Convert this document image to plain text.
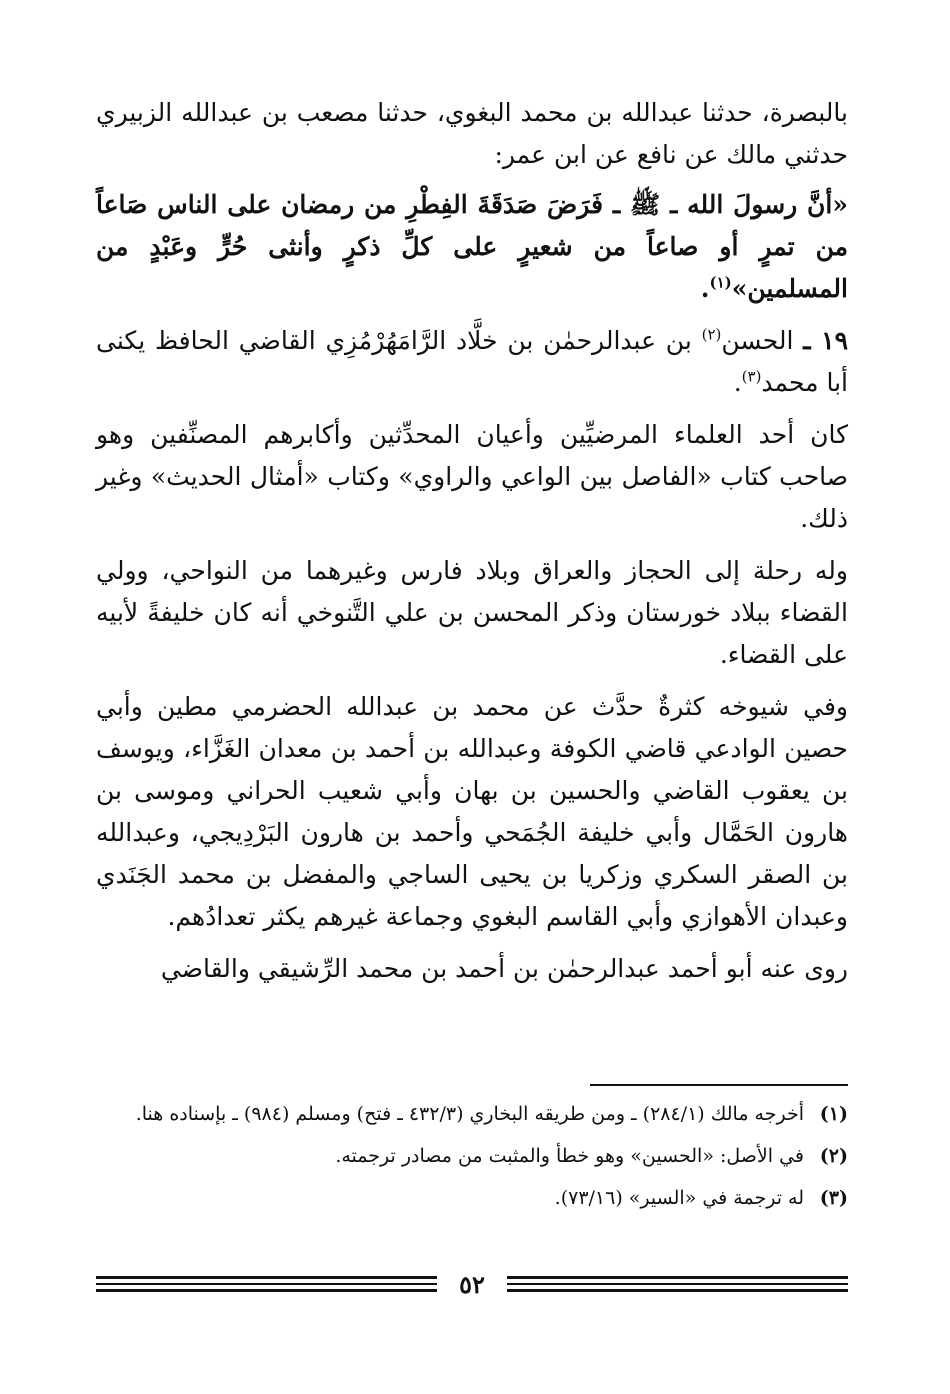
بالبصرة، حدثنا عبدالله بن محمد البغوي، حدثنا مصعب بن عبدالله الزبيري حدثني مالك عن نافع عن ابن عمر:

«أنَّ رسولَ الله ـ ﷺ ـ فَرَضَ صَدَقَةَ الفِطْرِ من رمضان على الناس صَاعاً من تمرٍ أو صاعاً من شعيرٍ على كلِّ ذكرٍ وأنثى حُرٍّ وعَبْدٍ من المسلمين»$^{(١)}$.

١٩ ـ الحسن$^{(٢)}$ بن عبدالرحمٰن بن خلَّاد الرَّامَهُرْمُزِي القاضي الحافظ يكنى أبا محمد$^{(٣)}$.

كان أحد العلماء المرضيِّين وأعيان المحدِّثين وأكابرهم المصنِّفين وهو صاحب كتاب «الفاصل بين الواعي والراوي» وكتاب «أمثال الحديث» وغير ذلك.

وله رحلة إلى الحجاز والعراق وبلاد فارس وغيرهما من النواحي، وولي القضاء ببلاد خورستان وذكر المحسن بن علي التَّنوخي أنه كان خليفةً لأبيه على القضاء.

وفي شيوخه كثرةٌ حدَّث عن محمد بن عبدالله الحضرمي مطين وأبي حصين الوادعي قاضي الكوفة وعبدالله بن أحمد بن معدان الغَزَّاء، ويوسف بن يعقوب القاضي والحسين بن بهان وأبي شعيب الحراني وموسى بن هارون الحَمَّال وأبي خليفة الجُمَحي وأحمد بن هارون البَرْدِيجي، وعبدالله بن الصقر السكري وزكريا بن يحيى الساجي والمفضل بن محمد الجَنَدي وعبدان الأهوازي وأبي القاسم البغوي وجماعة غيرهم يكثر تعدادُهم.

روى عنه أبو أحمد عبدالرحمٰن بن أحمد بن محمد الرِّشيقي والقاضي

(١)
أخرجه مالك (٢٨٤/١) ـ ومن طريقه البخاري (٤٣٢/٣ ـ فتح) ومسلم (٩٨٤) ـ بإسناده هنا.
(٢)
في الأصل: «الحسين» وهو خطأ والمثبت من مصادر ترجمته.
(٣)
له ترجمة في «السير» (٧٣/١٦).
٥٢
